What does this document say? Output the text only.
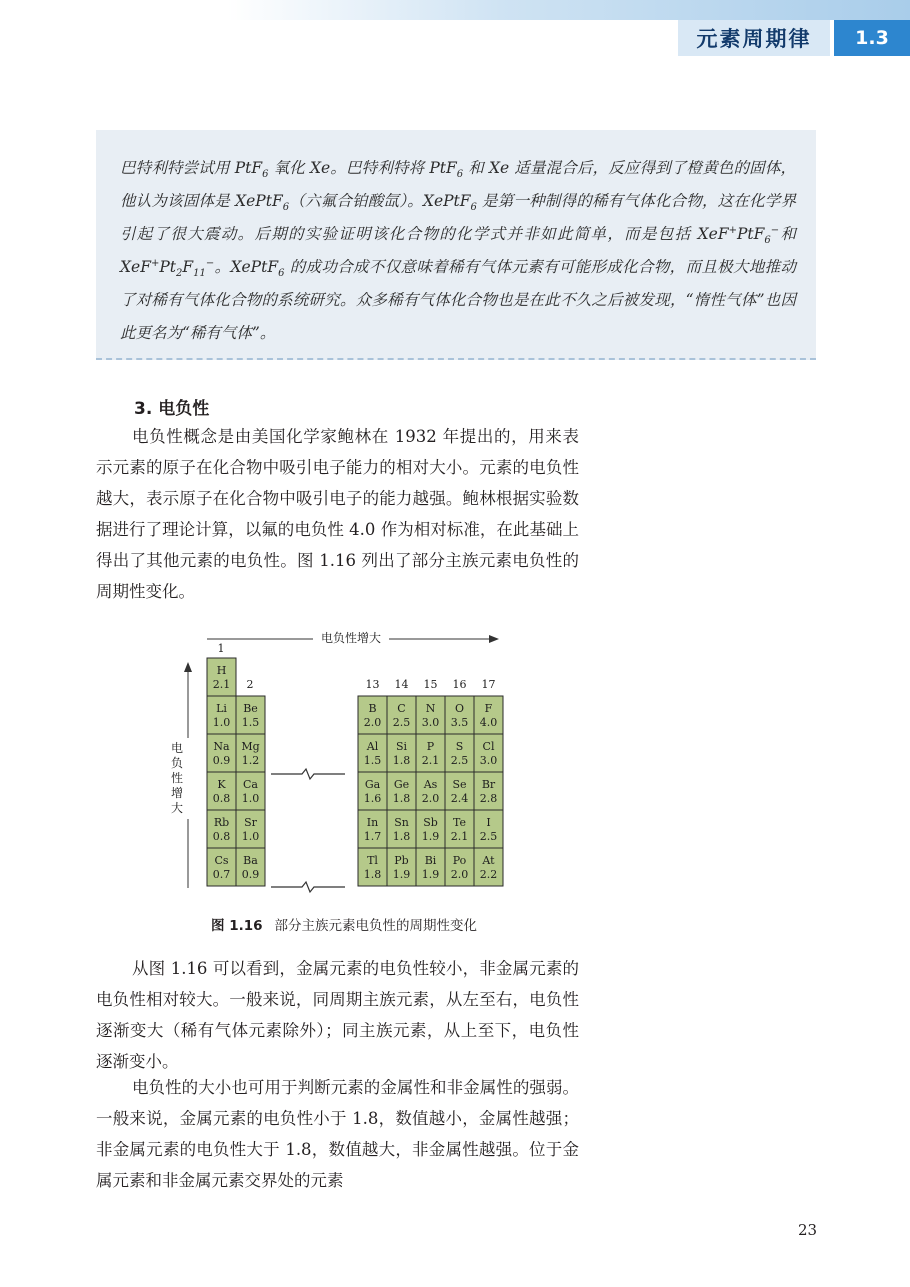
元素周期律	1.3

巴特利特尝试用 PtF$_6$ 氧化 Xe。巴特利特将 PtF$_6$ 和 Xe 适量混合后，反应得到了橙黄色的固体，他认为该固体是 XePtF$_6$（六氟合铂酸氙）。XePtF$_6$ 是第一种制得的稀有气体化合物，这在化学界引起了很大震动。后期的实验证明该化合物的化学式并非如此简单，而是包括 XeF+PtF$_6$−和 $XeF^+Pt_2F_{11}^-$。XePtF$_6$ 的成功合成不仅意味着稀有气体元素有可能形成化合物，而且极大地推动了对稀有气体化合物的系统研究。众多稀有气体化合物也是在此不久之后被发现，“惰性气体”也因此更名为“稀有气体”。

3. 电负性

电负性概念是由美国化学家鲍林在 1932 年提出的，用来表示元素的原子在化合物中吸引电子能力的相对大小。元素的电负性越大，表示原子在化合物中吸引电子的能力越强。鲍林根据实验数据进行了理论计算，以氟的电负性 4.0 作为相对标准，在此基础上得出了其他元素的电负性。图 1.16 列出了部分主族元素电负性的周期性变化。

电负性增大
电
负
性
增
大
1
2	13 14 15 16 17
H
2.1
Li
1.0
Be
1.5
Na
0.9
Mg
1.2
K
0.8
Ca
1.0
Rb
0.8
Sr
1.0
Cs
0.7
Ba
0.9
B
2.0
C
2.5
N
3.0
O
3.5
F
4.0
Al
1.5
Si
1.8
P
2.1
S
2.5
Cl
3.0
Ga
1.6
Ge
1.8
As
2.0
Se
2.4
Br
2.8
In
1.7
Sn
1.8
Sb
1.9
Te
2.1
I
2.5
Tl
1.8
Pb
1.9
Bi
1.9
Po
2.0
At
2.2
图 1.16 部分主族元素电负性的周期性变化

从图 1.16 可以看到，金属元素的电负性较小，非金属元素的电负性相对较大。一般来说，同周期主族元素，从左至右，电负性逐渐变大（稀有气体元素除外）；同主族元素，从上至下，电负性逐渐变小。

电负性的大小也可用于判断元素的金属性和非金属性的强弱。一般来说，金属元素的电负性小于 1.8，数值越小，金属性越强；非金属元素的电负性大于 1.8，数值越大，非金属性越强。位于金属元素和非金属元素交界处的元素

23
